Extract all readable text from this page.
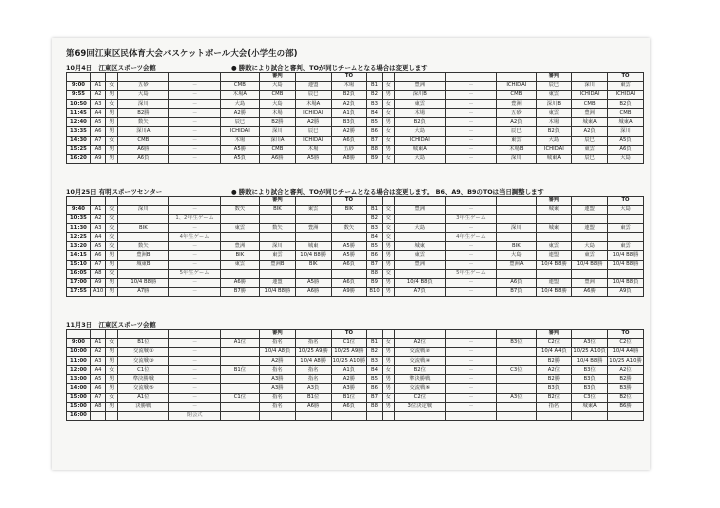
第69回江東区民体育大会バスケットボール大会(小学生の部)
10月4日　江東区スポーツ会館	● 勝敗により試合と審判、TOが同じチームとなる場合は変更します
						審判		TO						審判		TO
9:00	A1	女	五砂	－	CMB	大島	連盟	木場	B1	女	豊洲	－	ICHIDAI	辰巳	深川	東雲
9:55	A2	男	大島	－	木場A	CMB	辰巳	B2負	B2	男	深川B	－	CMB	東雲	ICHIDAI	ICHIDAI
10:50	A3	女	深川	－	大島	大島	木場A	A2負	B3	女	東雲	－	豊洲	深川B	CMB	B2負
11:45	A4	男	B2勝	－	A2勝	木場	ICHIDAI	A1負	B4	女	木場	－	五砂	東雲	豊洲	CMB
12:40	A5	男	数矢	－	辰巳	B2勝	A2勝	B3負	B5	男	B2負	－	A2負	木場	城東A	城東A
13:35	A6	男	深川A	－	ICHIDAI	深川	辰巳	A2勝	B6	女	大島	－	辰巳	B2負	A2負	深川
14:30	A7	女	CMB	－	木場	深川A	ICHIDAI	A6負	B7	女	ICHIDAI	－	東雲	大島	辰巳	A5負
15:25	A8	男	A6勝	－	A5勝	CMB	木場	五砂	B8	男	城東A	－	木場B	ICHIDAI	東雲	A6負
16:20	A9	男	A6負	－	A5負	A6勝	A5勝	A8勝	B9	女	大島	－	深川	城東A	辰巳	大島
10月25日 有明スポーツセンター	● 勝敗により試合と審判、TOが同じチームとなる場合は変更します。 B6、A9、B9のTOは当日調整します
						審判		TO						審判		TO
9:40	A1	交	深川	－	数矢	BIK	東雲	BIK	B1	交	豊洲	－		城東	連盟	大島
10:35	A2	交		1、2年生ゲーム					B2	交		3年生ゲーム				
11:30	A3	交	BIK	－	東雲	数矢	豊洲	数矢	B3	交	大島	－	深川	城東	連盟	東雲
12:25	A4	交		4年生ゲーム					B4	交		4年生ゲーム				
13:20	A5	交	数矢	－	豊洲	深川	城東	A5勝	B5	男	城東	－	BIK	東雲	大島	東雲
14:15	A6	男	豊洲B	－	BIK	東雲	10/4 B8勝	A5勝	B6	男	東雲	－	大島	連盟	東雲	10/4 B8勝
15:10	A7	男	城東B	－	東雲	豊洲B	BIK	A6負	B7	男	豊洲	－	豊洲A	10/4 B8勝	10/4 B8勝	10/4 B8勝
16:05	A8	交		5年生ゲーム					B8	交		5年生ゲーム				
17:00	A9	男	10/4 B8勝	－	A6勝	連盟	A5勝	A6負	B9	男	10/4 B8負	－	A6負	連盟	豊洲	10/4 B8負
17:55	A10	男	A7勝	－	B7勝	10/4 B8勝	A6勝	A9勝	B10	男	A7負	－	B7負	10/4 B8勝	A6勝	A9負
11月3日　江東区スポーツ会館
						審判		TO						審判		TO
9:00	A1	女	B1位	－	A1位	指名	指名	C1位	B1	女	A2位	－	B3位	C2位	A3位	C2位
10:00	A2	男	交流戦①	－		10/4 A8負	10/25 A9勝	10/25 A9勝	B2	男	交流戦②	－		10/4 A4負	10/25 A10負	10/4 A4勝
11:00	A3	男	交流戦③	－		A2勝	10/4 A8勝	10/25 A10勝	B3	男	交流戦④	－		B2勝	10/4 B8勝	10/25 A10勝
12:00	A4	女	C1位	－	B1位	指名	指名	A1負	B4	女	B2位	－	C3位	A2位	B3位	A2位
13:00	A5	男	準決勝戦	－		A3勝	指名	A2勝	B5	男	準決勝戦	－		B2勝	B3負	B2勝
14:00	A6	男	交流戦⑤	－		A3勝	A3負	A3勝	B6	男	交流戦⑥	－		B3負	B3負	B3勝
15:00	A7	女	A1位	－	C1位	指名	B1位	B1位	B7	女	C2位	－	A3位	B2位	C3位	B2位
15:00	A8	男	決勝戦	－		指名	A6勝	A6負	B8	男	3位決定戦	－		指名	城東A	B6勝
16:00				閉会式												
